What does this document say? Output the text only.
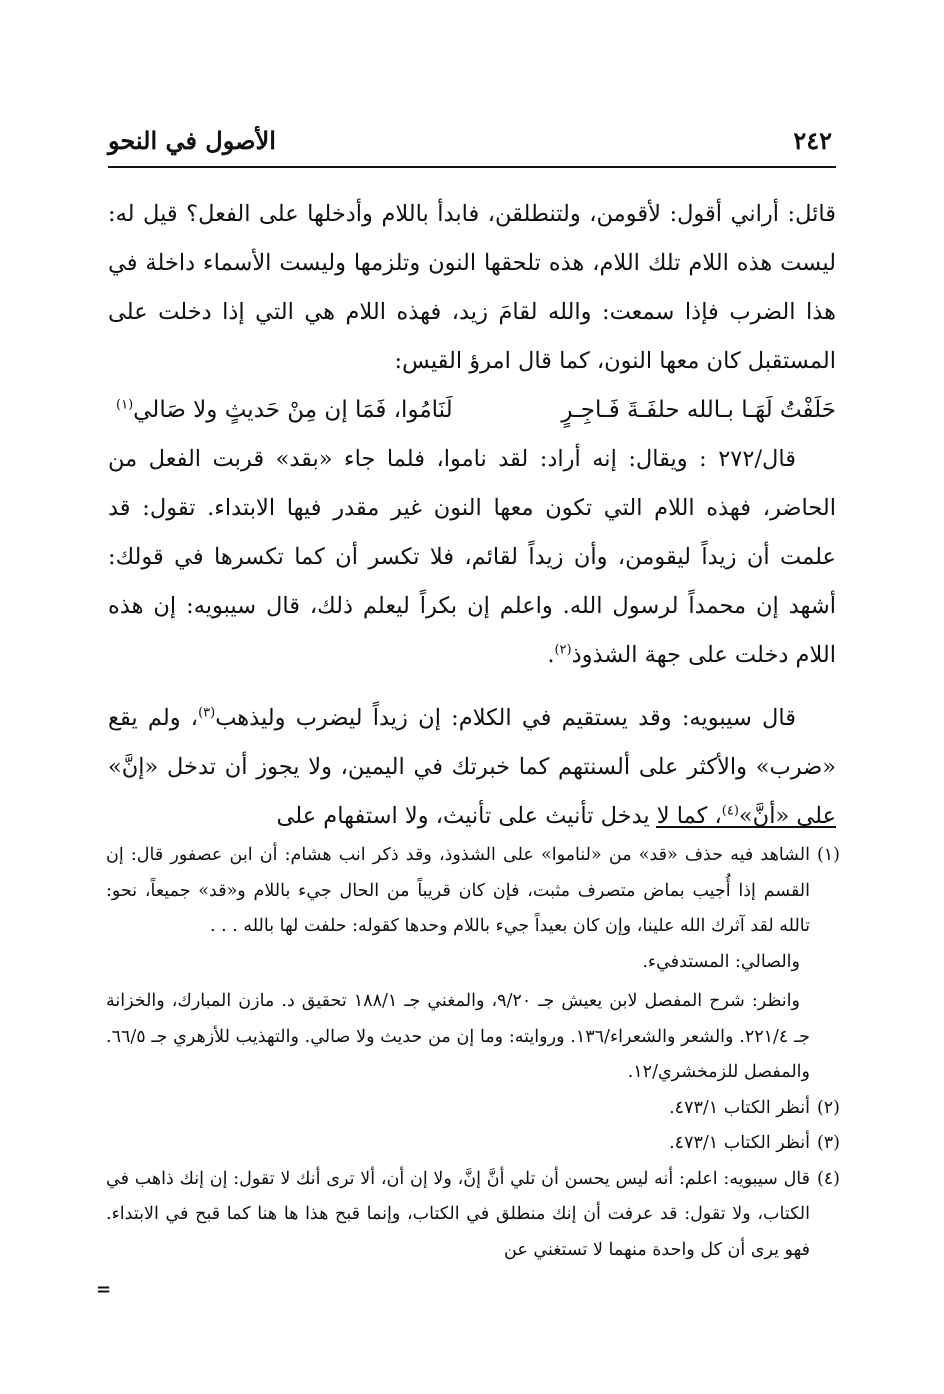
٢٤٢
الأصول في النحو

قائل: أراني أقول: لأقومن، ولتنطلقن، فابدأ باللام وأدخلها على الفعل؟ قيل له: ليست هذه اللام تلك اللام، هذه تلحقها النون وتلزمها وليست الأسماء داخلة في هذا الضرب فإذا سمعت: والله لقامَ زيد، فهذه اللام هي التي إذا دخلت على المستقبل كان معها النون، كما قال امرؤ القيس:

حَلَفْتُ لَهَـا بـالله حلفَـةَ فَـاجِـرٍ
لَنَامُوا، فَمَا إن مِنْ حَديثٍ ولا صَالي$^{(١)}$

قال/٢٧٢ : ويقال: إنه أراد: لقد ناموا، فلما جاء «بقد» قربت الفعل من الحاضر، فهذه اللام التي تكون معها النون غير مقدر فيها الابتداء. تقول: قد علمت أن زيداً ليقومن، وأن زيداً لقائم، فلا تكسر أن كما تكسرها في قولك: أشهد إن محمداً لرسول الله. واعلم إن بكراً ليعلم ذلك، قال سيبويه: إن هذه اللام دخلت على جهة الشذوذ$^{(٢)}$.

قال سيبويه: وقد يستقيم في الكلام: إن زيداً ليضرب وليذهب$^{(٣)}$، ولم يقع «ضرب» والأكثر على ألسنتهم كما خبرتك في اليمين، ولا يجوز أن تدخل «إنَّ» على «أنَّ»$^{(٤)}$، كما لا يدخل تأنيث على تأنيث، ولا استفهام على

(١)

الشاهد فيه حذف «قد» من «لناموا» على الشذوذ، وقد ذكر انب هشام: أن ابن عصفور قال: إن القسم إذا أُجيب بماض متصرف مثبت، فإن كان قريباً من الحال جيء باللام و«قد» جميعاً، نحو: تالله لقد آثرك الله علينا، وإن كان بعيداً جيء باللام وحدها كقوله: حلفت لها بالله . . .

والصالي: المستدفيء.

وانظر: شرح المفصل لابن يعيش جـ ٩/٢٠، والمغني جـ ١٨٨/١ تحقيق د. مازن المبارك، والخزانة جـ ٢٢١/٤. والشعر والشعراء/١٣٦. وروايته: وما إن من حديث ولا صالي. والتهذيب للأزهري جـ ٦٦/٥. والمفصل للزمخشري/١٢.

(٢)

أنظر الكتاب ٤٧٣/١.

(٣)

أنظر الكتاب ٤٧٣/١.

(٤)

قال سيبويه: اعلم: أنه ليس يحسن أن تلي أنَّ إنَّ، ولا إن أن، ألا ترى أنك لا تقول: إن إنك ذاهب في الكتاب، ولا تقول: قد عرفت أن إنك منطلق في الكتاب، وإنما قبح هذا ها هنا كما قبح في الابتداء. فهو يرى أن كل واحدة منهما لا تستغني عن

=
